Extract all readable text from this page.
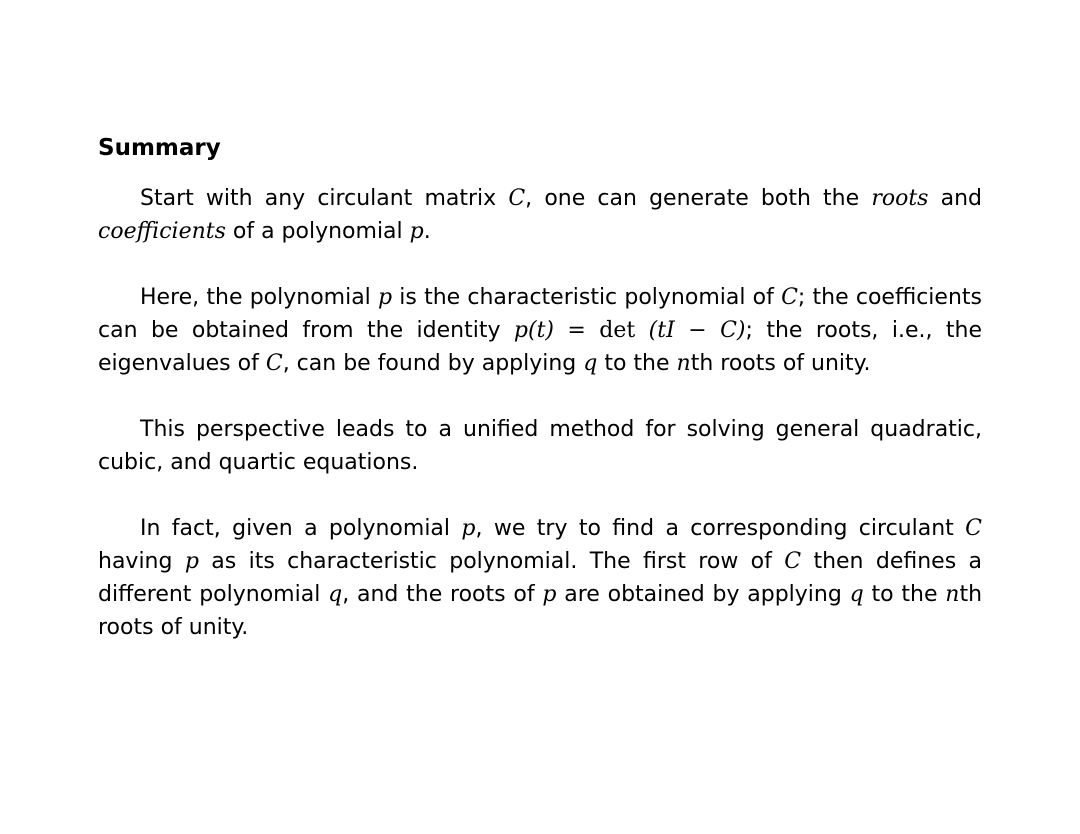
Summary

Start with any circulant matrix C, one can generate both the roots and coefficients of a polynomial p.

Here, the polynomial p is the characteristic polynomial of C; the coefficients can be obtained from the identity p(t) = det (tI − C); the roots, i.e., the eigenvalues of C, can be found by applying q to the nth roots of unity.

This perspective leads to a unified method for solving general quadratic, cubic, and quartic equations.

In fact, given a polynomial p, we try to find a corresponding circulant C having p as its characteristic polynomial. The first row of C then defines a different polynomial q, and the roots of p are obtained by applying q to the nth roots of unity.
